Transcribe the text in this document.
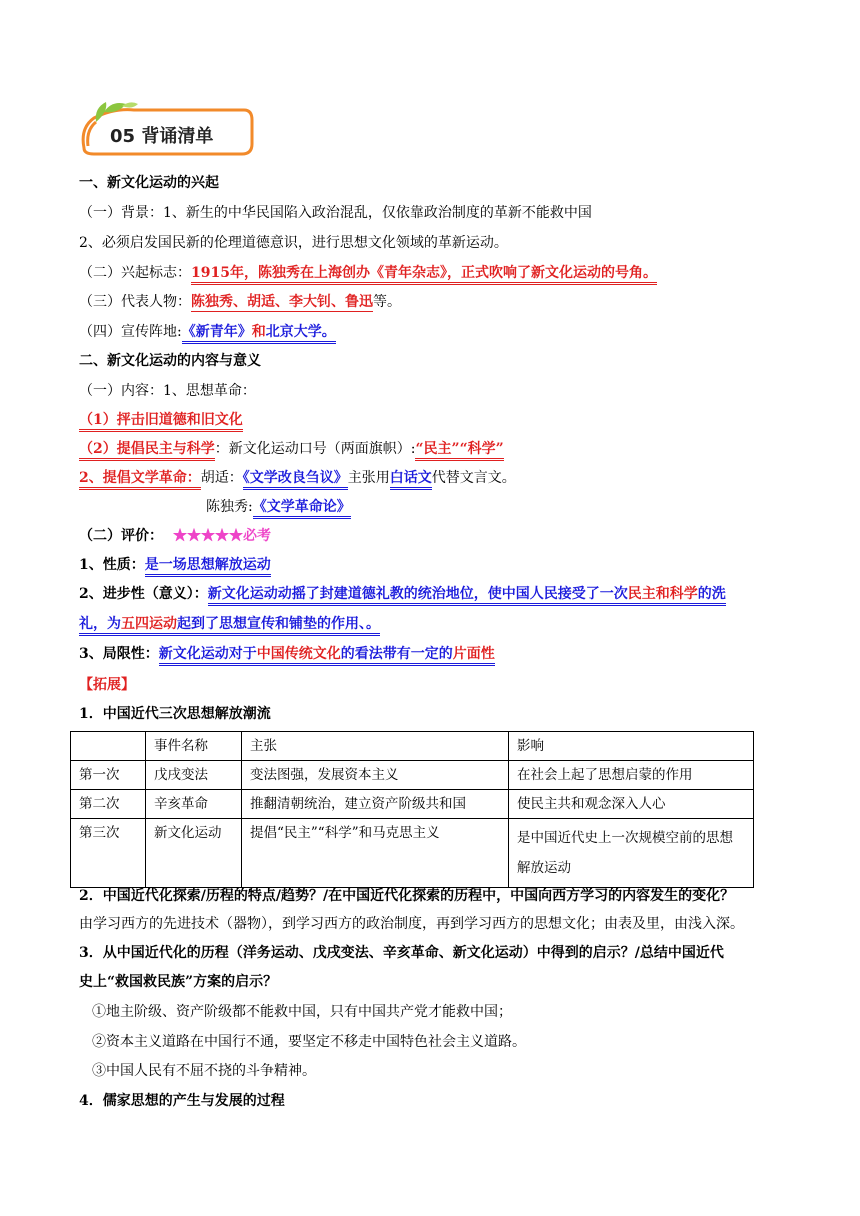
05 背诵清单
一、新文化运动的兴起
（一）背景：1、新生的中华民国陷入政治混乱，仅依靠政治制度的革新不能救中国
2、必须启发国民新的伦理道德意识，进行思想文化领域的革新运动。
（二）兴起标志：1915年，陈独秀在上海创办《青年杂志》，正式吹响了新文化运动的号角。
（三）代表人物：陈独秀、胡适、李大钊、鲁迅等。
（四）宣传阵地:《新青年》和北京大学。
二、新文化运动的内容与意义
（一）内容：1、思想革命：
（1）抨击旧道德和旧文化
（2）提倡民主与科学：新文化运动口号（两面旗帜）:“民主”“科学”
2、提倡文学革命：胡适：《文学改良刍议》主张用白话文代替文言文。
陈独秀:《文学革命论》
（二）评价： ★★★★★必考
1、性质：是一场思想解放运动
2、进步性（意义）：新文化运动动摇了封建道德礼教的统治地位，使中国人民接受了一次民主和科学的洗
礼，为五四运动起到了思想宣传和铺垫的作用、。
3、局限性：新文化运动对于中国传统文化的看法带有一定的片面性
【拓展】
1．中国近代三次思想解放潮流
	事件名称	主张	影响
第一次	戊戌变法	变法图强，发展资本主义	在社会上起了思想启蒙的作用
第二次	辛亥革命	推翻清朝统治，建立资产阶级共和国	使民主共和观念深入人心
第三次	新文化运动	提倡“民主”“科学”和马克思主义	是中国近代史上一次规模空前的思想解放运动
2．中国近代化探索/历程的特点/趋势？/在中国近代化探索的历程中，中国向西方学习的内容发生的变化？
由学习西方的先进技术（器物），到学习西方的政治制度，再到学习西方的思想文化；由表及里，由浅入深。
3．从中国近代化的历程（洋务运动、戊戌变法、辛亥革命、新文化运动）中得到的启示？/总结中国近代
史上“救国救民族”方案的启示？
①地主阶级、资产阶级都不能救中国，只有中国共产党才能救中国；
②资本主义道路在中国行不通，要坚定不移走中国特色社会主义道路。
③中国人民有不屈不挠的斗争精神。
4．儒家思想的产生与发展的过程
